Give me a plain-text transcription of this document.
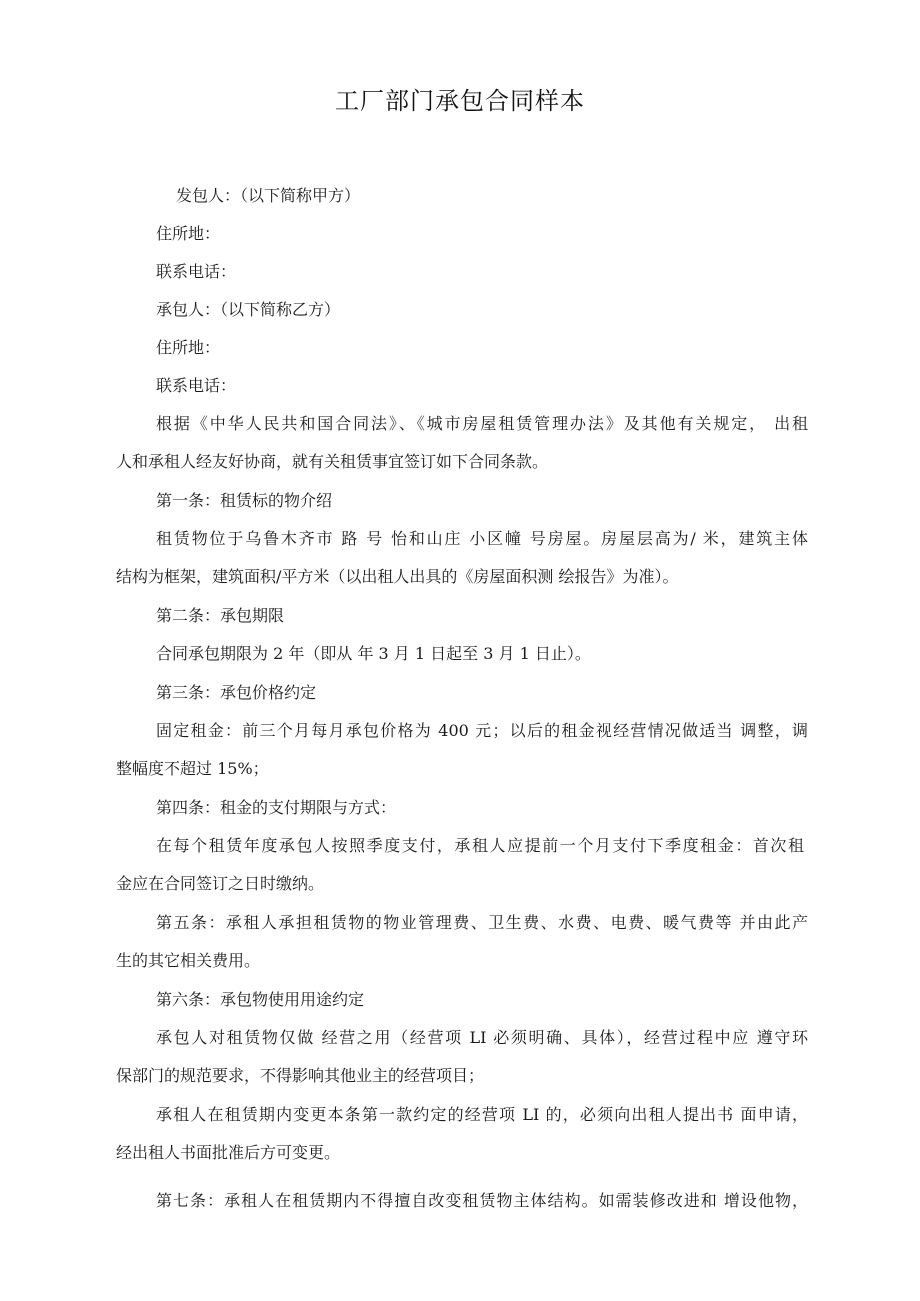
工厂部门承包合同样本
发包人：（以下简称甲方）
住所地：
联系电话：
承包人：（以下简称乙方）
住所地：
联系电话：
根据《中华人民共和国合同法》、《城市房屋租赁管理办法》及其他有关规定， 出租
人和承租人经友好协商，就有关租赁事宜签订如下合同条款。
第一条：租赁标的物介绍
租赁物位于乌鲁木齐市 路 号 怡和山庄 小区幢 号房屋。房屋层高为/ 米，建筑主体
结构为框架，建筑面积/平方米（以出租人出具的《房屋面积测 绘报告》为准）。
第二条：承包期限
合同承包期限为 2 年（即从 年 3 月 1 日起至 3 月 1 日止）。
第三条：承包价格约定
固定租金：前三个月每月承包价格为 400 元；以后的租金视经营情况做适当 调整，调
整幅度不超过 15%；
第四条：租金的支付期限与方式：
在每个租赁年度承包人按照季度支付，承租人应提前一个月支付下季度租金：首次租
金应在合同签订之日时缴纳。
第五条：承租人承担租赁物的物业管理费、卫生费、水费、电费、暖气费等 并由此产
生的其它相关费用。
第六条：承包物使用用途约定
承包人对租赁物仅做 经营之用（经营项 LI 必须明确、具体），经营过程中应 遵守环
保部门的规范要求，不得影响其他业主的经营项目；
承租人在租赁期内变更本条第一款约定的经营项 LI 的，必须向出租人提出书 面申请，
经出租人书面批准后方可变更。
第七条：承租人在租赁期内不得擅自改变租赁物主体结构。如需装修改进和 增设他物，
